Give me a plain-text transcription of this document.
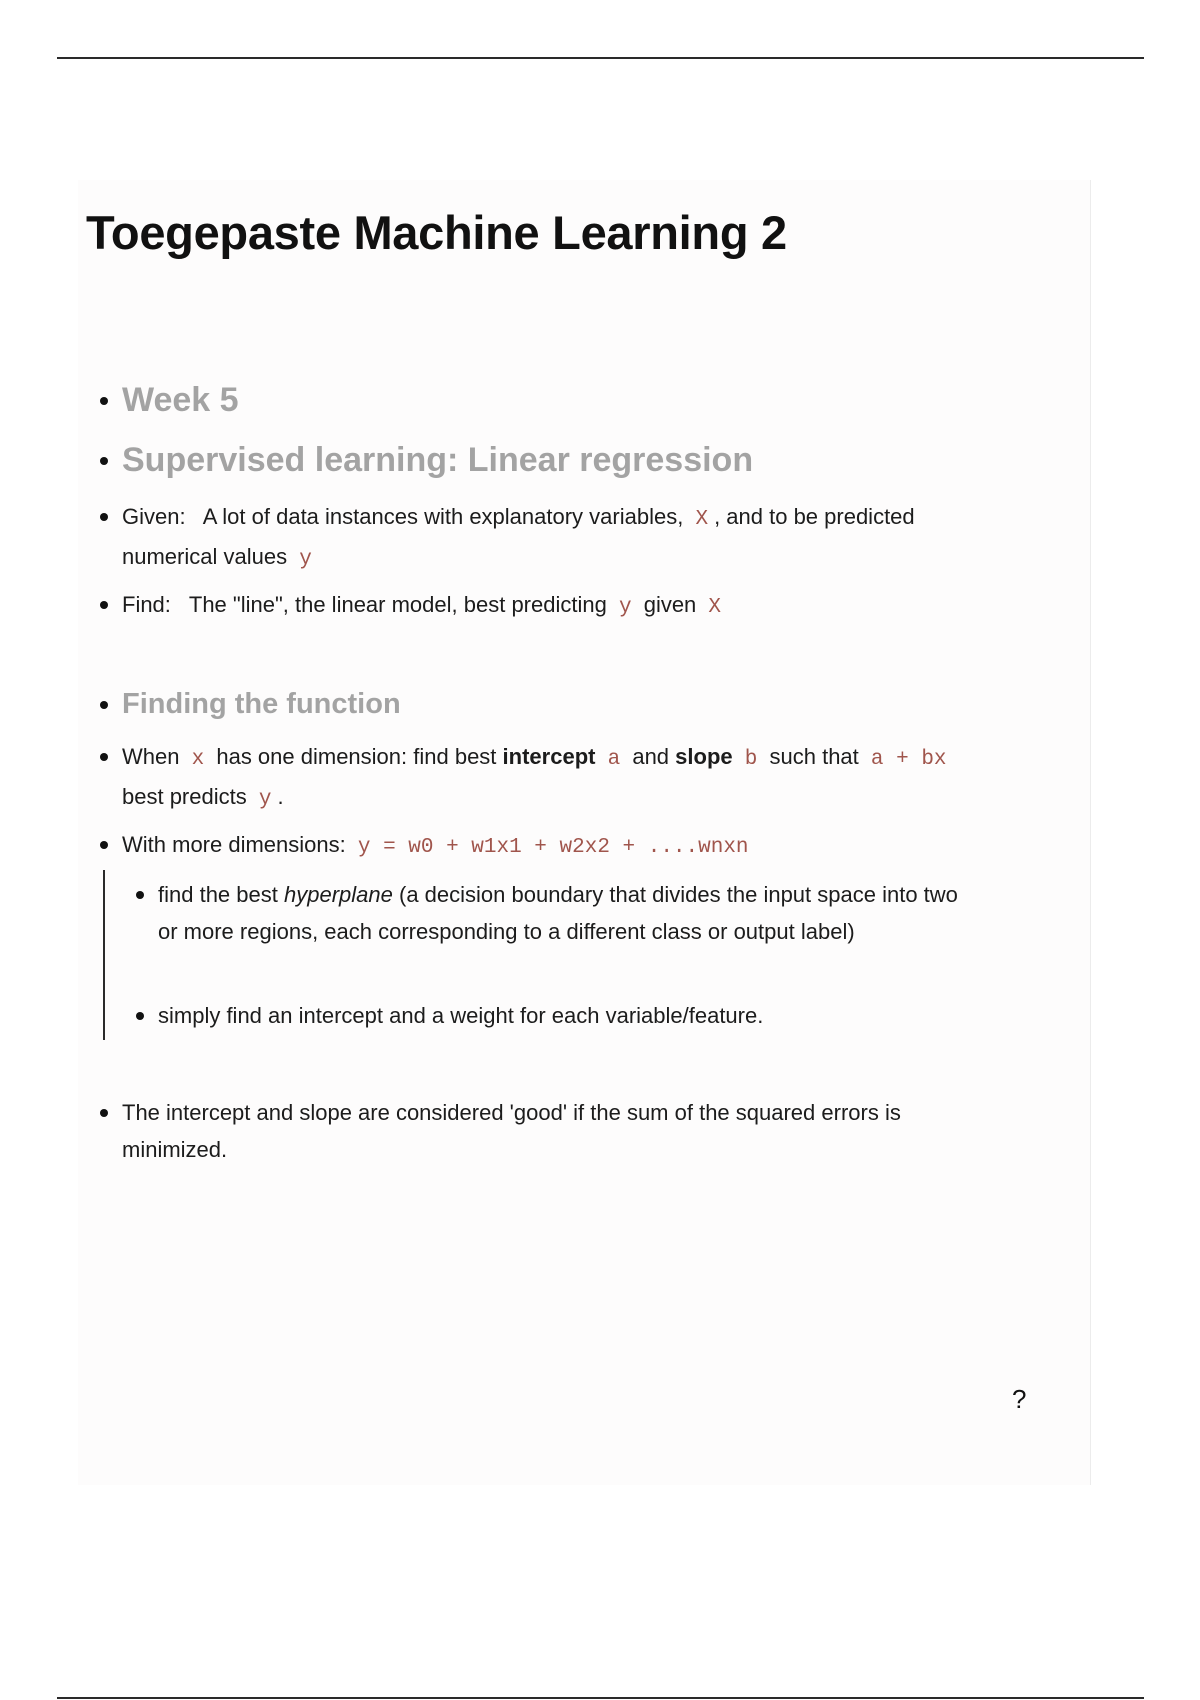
Toegepaste Machine Learning 2
Week 5
Supervised learning: Linear regression

Given: A lot of data instances with explanatory variables, X , and to be predicted numerical values y

Find: The "line", the linear model, best predicting y given X

Finding the function

When x has one dimension: find best intercept a and slope b such that a + bx best predicts y .

With more dimensions: y = w0 + w1x1 + w2x2 + ....wnxn

find the best hyperplane (a decision boundary that divides the input space into two or more regions, each corresponding to a different class or output label)

simply find an intercept and a weight for each variable/feature.

The intercept and slope are considered 'good' if the sum of the squared errors is minimized.

?
